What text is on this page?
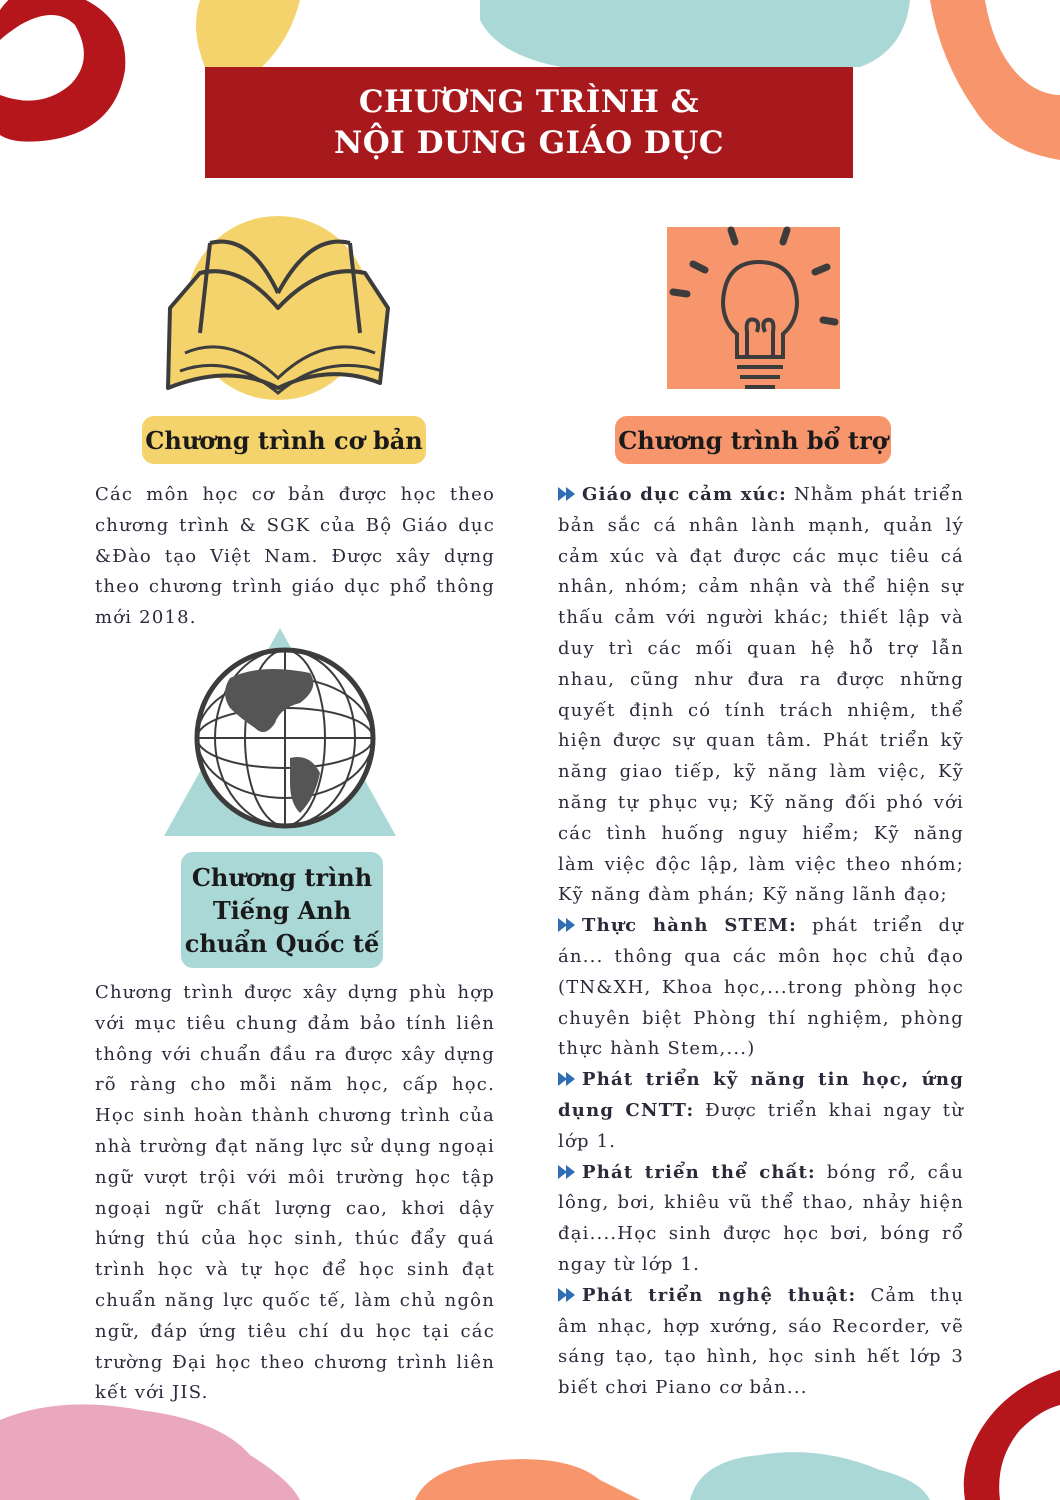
CHƯƠNG TRÌNH &
NỘI DUNG GIÁO DỤC
Chương trình cơ bản	Chương trình bổ trợ
Chương trình
Tiếng Anh
chuẩn Quốc tế

Các môn học cơ bản được học theo chương trình & SGK của Bộ Giáo dục &Đào tạo Việt Nam. Được xây dựng theo chương trình giáo dục phổ thông mới 2018.

Chương trình được xây dựng phù hợp với mục tiêu chung đảm bảo tính liên thông với chuẩn đầu ra được xây dựng rõ ràng cho mỗi năm học, cấp học. Học sinh hoàn thành chương trình của nhà trường đạt năng lực sử dụng ngoại ngữ vượt trội với môi trường học tập ngoại ngữ chất lượng cao, khơi dậy hứng thú của học sinh, thúc đẩy quá trình học và tự học để học sinh đạt chuẩn năng lực quốc tế, làm chủ ngôn ngữ, đáp ứng tiêu chí du học tại các trường Đại học theo chương trình liên kết với JIS.

Giáo dục cảm xúc: Nhằm phát triển bản sắc cá nhân lành mạnh, quản lý cảm xúc và đạt được các mục tiêu cá nhân, nhóm; cảm nhận và thể hiện sự thấu cảm với người khác; thiết lập và duy trì các mối quan hệ hỗ trợ lẫn nhau, cũng như đưa ra được những quyết định có tính trách nhiệm, thể hiện được sự quan tâm. Phát triển kỹ năng giao tiếp, kỹ năng làm việc, Kỹ năng tự phục vụ; Kỹ năng đối phó với các tình huống nguy hiểm; Kỹ năng làm việc độc lập, làm việc theo nhóm; Kỹ năng đàm phán; Kỹ năng lãnh đạo;
Thực hành STEM: phát triển dự án... thông qua các môn học chủ đạo (TN&XH, Khoa học,...trong phòng học chuyên biệt Phòng thí nghiệm, phòng thực hành Stem,...)
Phát triển kỹ năng tin học, ứng dụng CNTT: Được triển khai ngay từ lớp 1.
Phát triển thể chất: bóng rổ, cầu lông, bơi, khiêu vũ thể thao, nhảy hiện đại....Học sinh được học bơi, bóng rổ ngay từ lớp 1.
Phát triển nghệ thuật: Cảm thụ âm nhạc, hợp xướng, sáo Recorder, vẽ sáng tạo, tạo hình, học sinh hết lớp 3 biết chơi Piano cơ bản...
